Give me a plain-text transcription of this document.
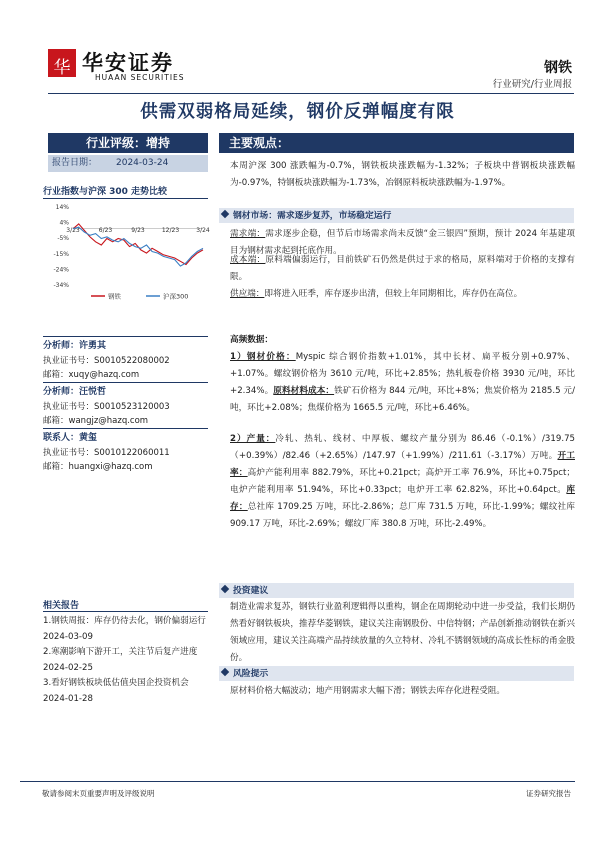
华 华安证券
HUAAN SECURITIES
钢铁
行业研究/行业周报
供需双弱格局延续，钢价反弹幅度有限
行业评级：增持
报告日期： 2024-03-24
行业指数与沪深 300 走势比较
14%
4%
-5%
-15%
-24%
-34%
3/23	6/23	9/23	12/23	3/24
钢铁	沪深300
分析师：许勇其
执业证书号：S0010522080002
邮箱：xuqy@hazq.com
分析师：汪悦哲
执业证书号：S0010523120003
邮箱：wangjz@hazq.com
联系人：黄玺
执业证书号：S0010122060011
邮箱：huangxi@hazq.com
相关报告
1.钢铁周报：库存仍待去化，钢价偏弱运行　2024-03-09
2.寒潮影响下游开工，关注节后复产进度　2024-02-25
3.看好钢铁板块低估值央国企投资机会　2024-01-28
主要观点：
本周沪深 300 涨跌幅为-0.7%，钢铁板块涨跌幅为-1.32%；子板块中普钢板块涨跌幅为-0.97%，特钢板块涨跌幅为-1.73%，冶钢原料板块涨跌幅为-1.97%。
钢材市场：需求逐步复苏，市场稳定运行
需求端：需求逐步企稳，但节后市场需求尚未反馈“金三银四”预期，预计 2024 年基建项目为钢材需求起到托底作用。
成本端：原料端偏弱运行，目前铁矿石仍然是供过于求的格局，原料端对于价格的支撑有限。
供应端：即将进入旺季，库存逐步出清，但较上年同期相比，库存仍在高位。
高频数据：
1）钢材价格：Myspic 综合钢价指数+1.01%，其中长材、扁平板分别+0.97%、+1.07%。螺纹钢价格为 3610 元/吨，环比+2.85%；热轧板卷价格 3930 元/吨，环比+2.34%。原料材料成本：铁矿石价格为 844 元/吨，环比+8%；焦炭价格为 2185.5 元/吨，环比+2.08%；焦煤价格为 1665.5 元/吨，环比+6.46%。
2）产量：冷轧、热轧、线材、中厚板、螺纹产量分别为 86.46（-0.1%）/319.75（+0.39%）/82.46（+2.65%）/147.97（+1.99%）/211.61（-3.17%）万吨。开工率：高炉产能利用率 882.79%，环比+0.21pct；高炉开工率 76.9%，环比+0.75pct；电炉产能利用率 51.94%，环比+0.33pct；电炉开工率 62.82%，环比+0.64pct。库存：总社库 1709.25 万吨，环比-2.86%；总厂库 731.5 万吨，环比-1.99%；螺纹社库 909.17 万吨，环比-2.69%；螺纹厂库 380.8 万吨，环比-2.49%。
投资建议
制造业需求复苏，钢铁行业盈利逻辑得以重构，钢企在周期轮动中进一步受益，我们长期仍然看好钢铁板块，推荐华菱钢铁，建议关注南钢股份、中信特钢；产品创新推动钢铁在新兴领域应用，建议关注高端产品持续放量的久立特材、冷轧不锈钢领域的高成长性标的甬金股份。
风险提示
原材料价格大幅波动；地产用钢需求大幅下滑；钢铁去库存化进程受阻。
敬请参阅末页重要声明及评级说明	证券研究报告
